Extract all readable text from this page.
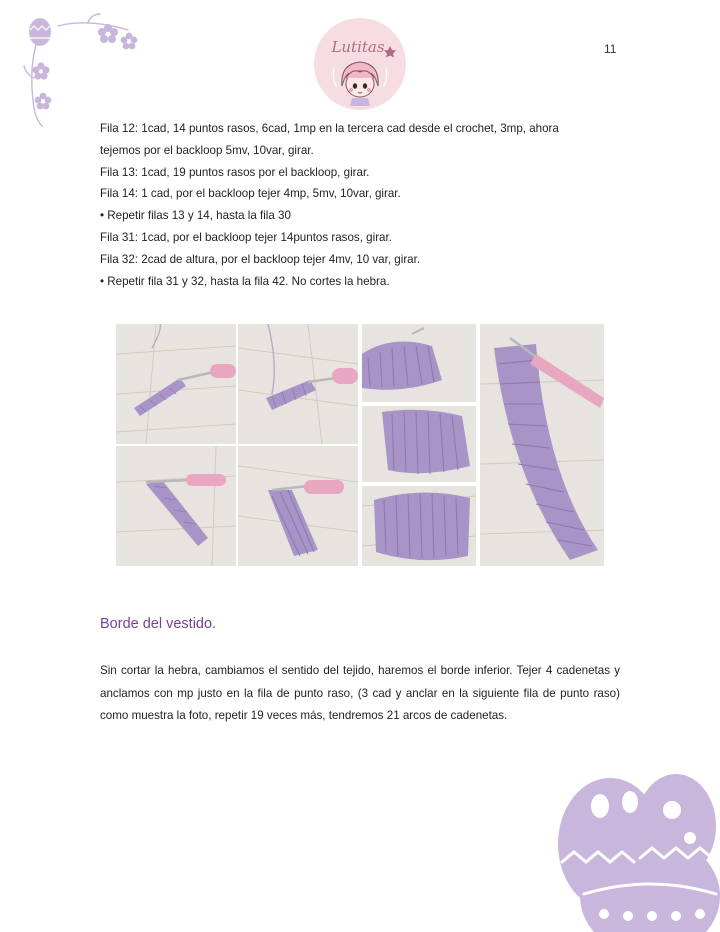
Lutitas	11

Fila 12: 1cad, 14 puntos rasos, 6cad, 1mp en la tercera cad desde el crochet, 3mp, ahora

tejemos por el backloop 5mv, 10var, girar.

Fila 13: 1cad, 19 puntos rasos por el backloop, girar.

Fila 14: 1 cad, por el backloop tejer 4mp, 5mv, 10var, girar.

• Repetir filas 13 y 14, hasta la fila 30

Fila 31: 1cad, por el backloop tejer 14puntos rasos, girar.

Fila 32: 2cad de altura, por el backloop tejer 4mv, 10 var, girar.

• Repetir fila 31 y 32, hasta la fila 42. No cortes la hebra.

Borde del vestido.

Sin cortar la hebra, cambiamos el sentido del tejido, haremos el borde inferior. Tejer 4 cadenetas y anclamos con mp justo en la fila de punto raso, (3 cad y anclar en la siguiente fila de punto raso) como muestra la foto, repetir 19 veces más, tendremos 21 arcos de cadenetas.
